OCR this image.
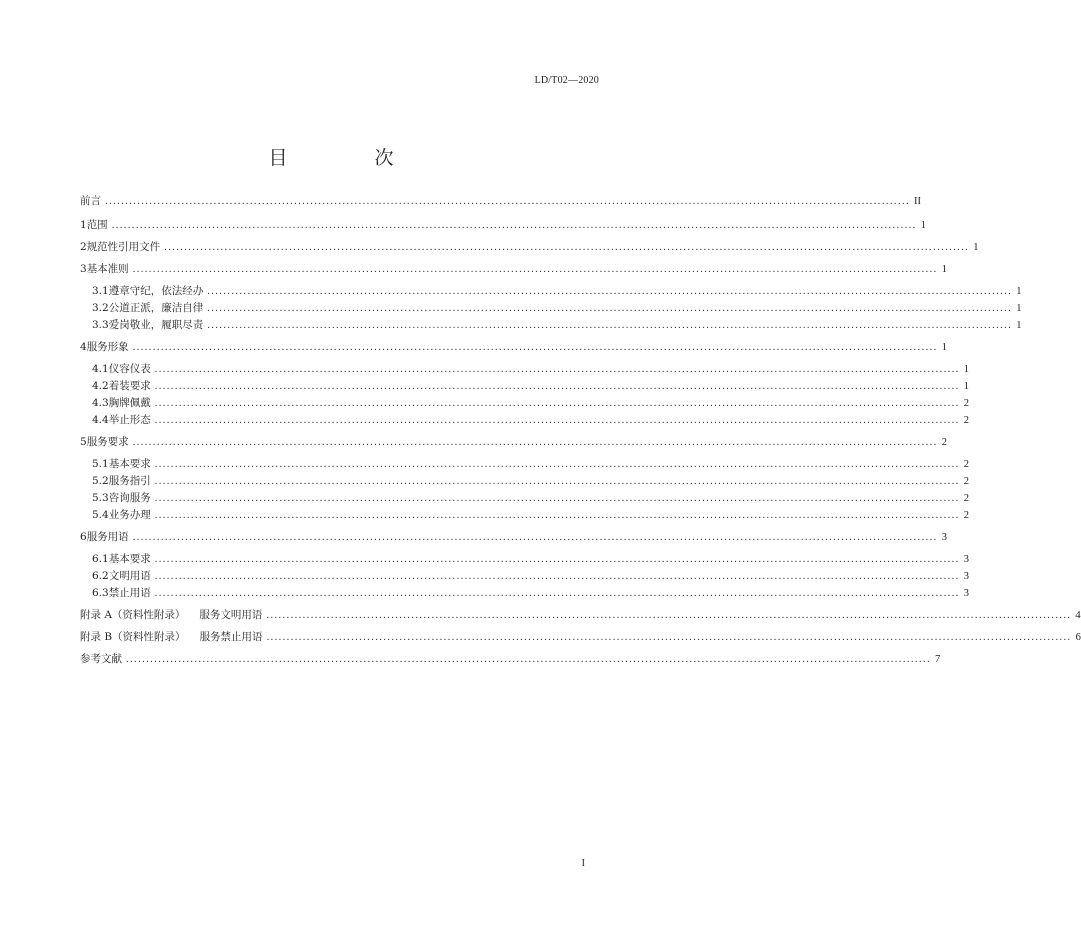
LD/T02—2020
目　次
前言 ........................................................................................................................................................................................................ II
1 范围 ........................................................................................................................................................................................................ 1
2 规范性引用文件 ........................................................................................................................................................................................................ 1
3 基本准则 ........................................................................................................................................................................................................ 1
3.1 遵章守纪，依法经办 ........................................................................................................................................................................................................ 1
3.2 公道正派，廉洁自律 ........................................................................................................................................................................................................ 1
3.3 爱岗敬业，履职尽责 ........................................................................................................................................................................................................ 1
4 服务形象 ........................................................................................................................................................................................................ 1
4.1 仪容仪表 ........................................................................................................................................................................................................ 1
4.2 着装要求 ........................................................................................................................................................................................................ 1
4.3 胸牌佩戴 ........................................................................................................................................................................................................ 2
4.4 举止形态 ........................................................................................................................................................................................................ 2
5 服务要求 ........................................................................................................................................................................................................ 2
5.1 基本要求 ........................................................................................................................................................................................................ 2
5.2 服务指引 ........................................................................................................................................................................................................ 2
5.3 咨询服务 ........................................................................................................................................................................................................ 2
5.4 业务办理 ........................................................................................................................................................................................................ 2
6 服务用语 ........................................................................................................................................................................................................ 3
6.1 基本要求 ........................................................................................................................................................................................................ 3
6.2 文明用语 ........................................................................................................................................................................................................ 3
6.3 禁止用语 ........................................................................................................................................................................................................ 3
附录 A（资料性附录） 服务文明用语 ........................................................................................................................................................................................................ 4
附录 B（资料性附录） 服务禁止用语 ........................................................................................................................................................................................................ 6
参考文献 ........................................................................................................................................................................................................ 7
I
